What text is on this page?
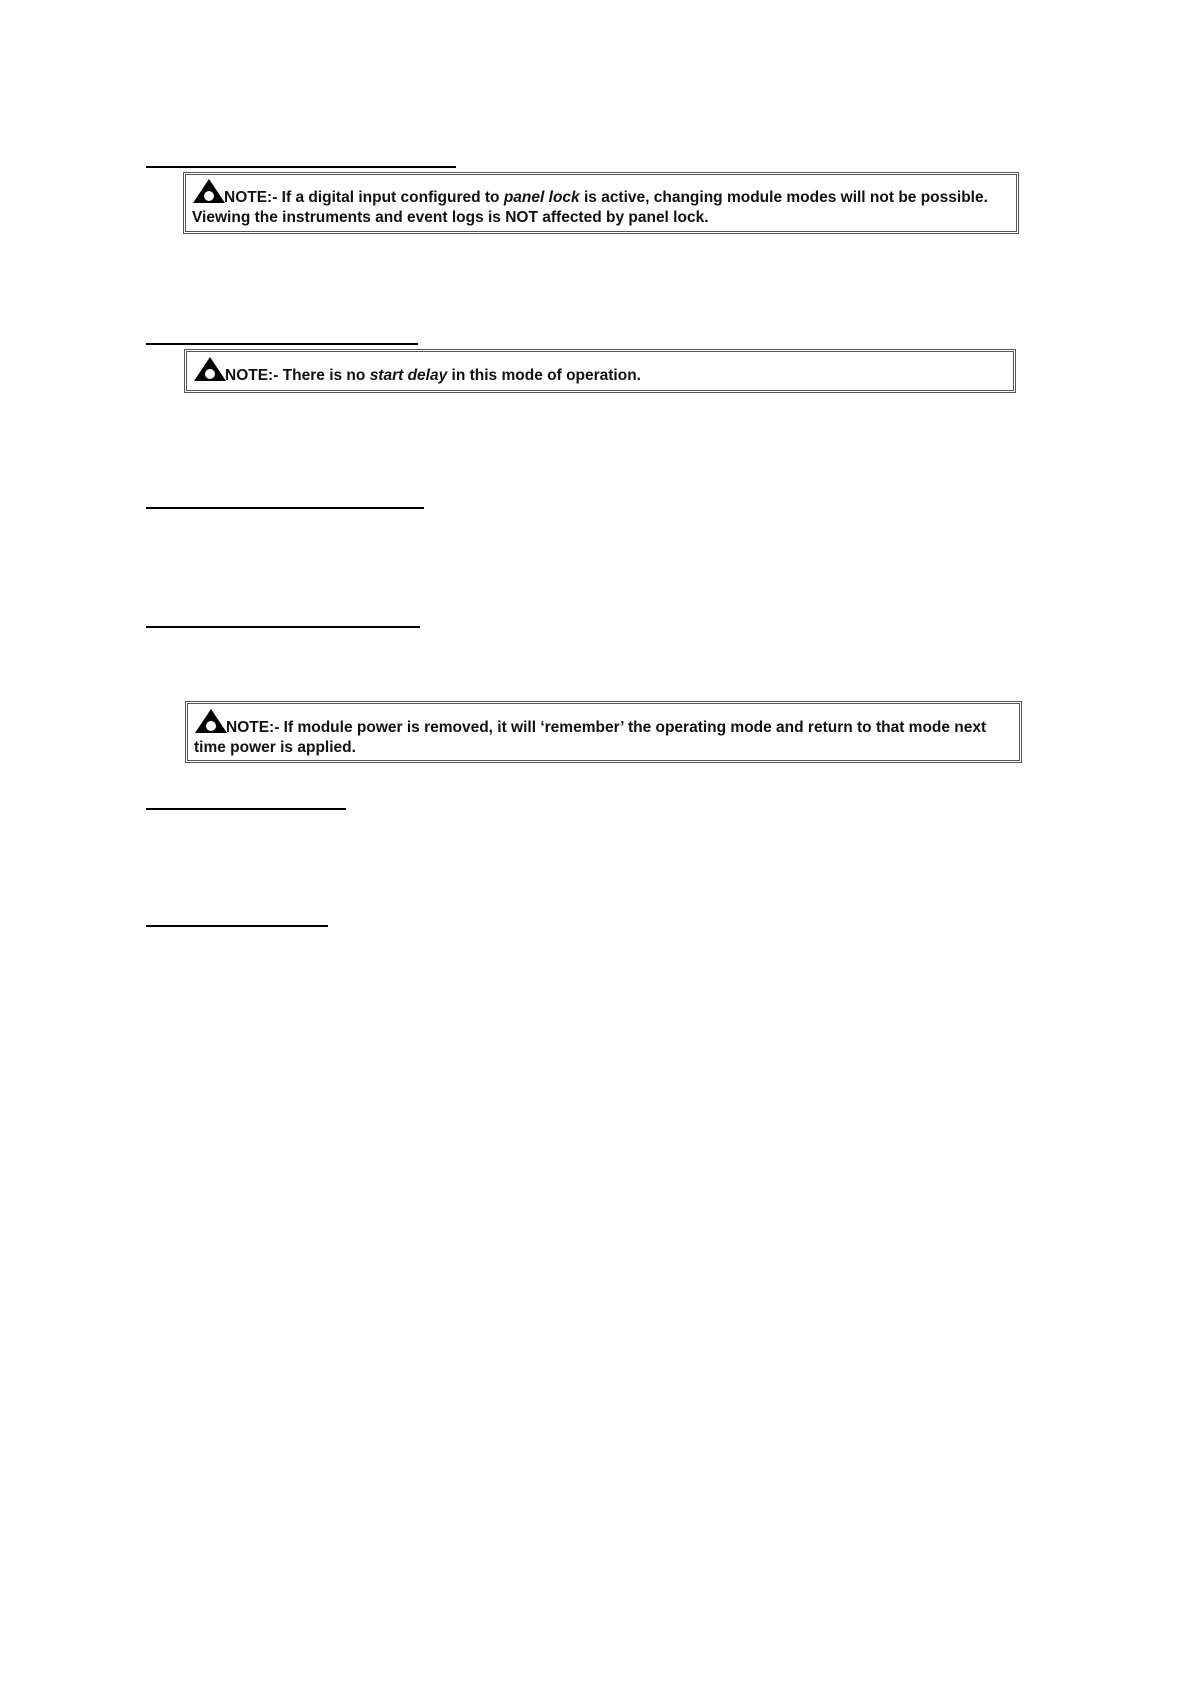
NOTE:- If a digital input configured to panel lock is active, changing module modes will not be possible. Viewing the instruments and event logs is NOT affected by panel lock.
NOTE:- There is no start delay in this mode of operation.
NOTE:- If module power is removed, it will ‘remember’ the operating mode and return to that mode next time power is applied.
